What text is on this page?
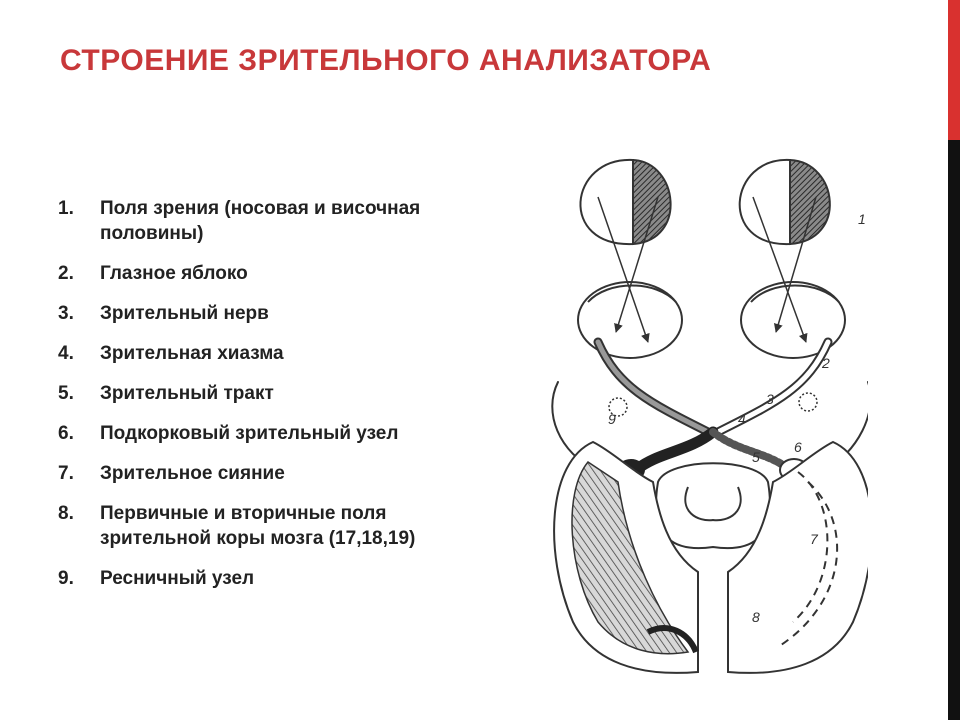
СТРОЕНИЕ ЗРИТЕЛЬНОГО АНАЛИЗАТОРА
1.	Поля зрения (носовая и височная половины)
2.	Глазное яблоко
3.	Зрительный нерв
4.	Зрительная хиазма
5.	Зрительный тракт
6.	Подкорковый зрительный узел
7.	Зрительное сияние
8.	Первичные и вторичные поля зрительной коры мозга (17,18,19)
9.	Ресничный узел
1
2
3
4
5
6
7
8
9
